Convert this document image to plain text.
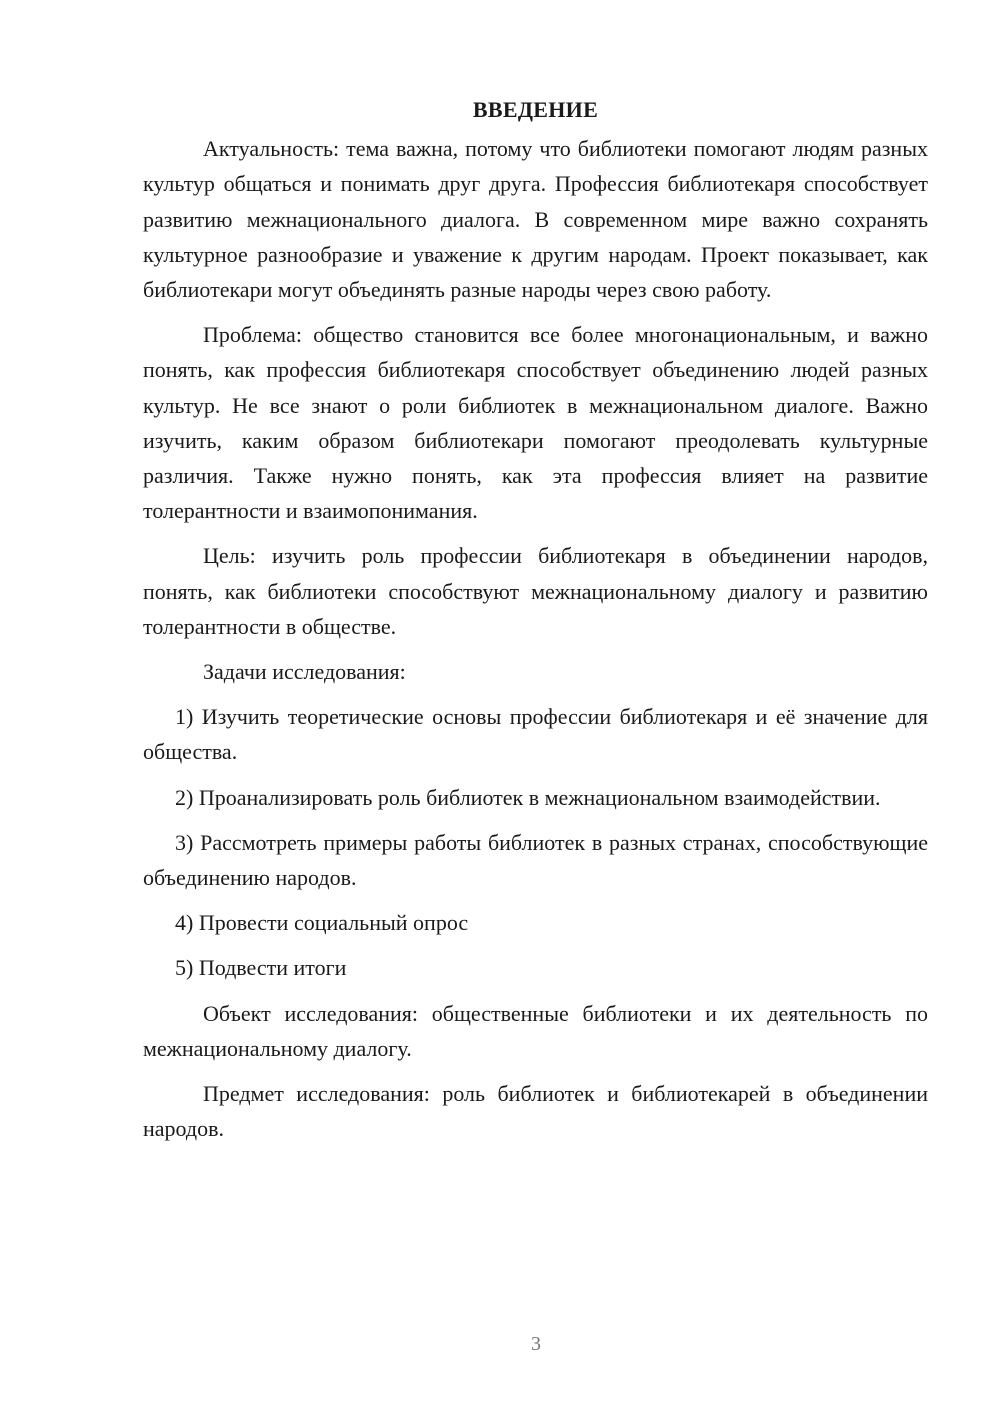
ВВЕДЕНИЕ

Актуальность: тема важна, потому что библиотеки помогают людям разных культур общаться и понимать друг друга. Профессия библиотекаря способствует развитию межнационального диалога. В современном мире важно сохранять культурное разнообразие и уважение к другим народам. Проект показывает, как библиотекари могут объединять разные народы через свою работу.

Проблема: общество становится все более многонациональным, и важно понять, как профессия библиотекаря способствует объединению людей разных культур. Не все знают о роли библиотек в межнациональном диалоге. Важно изучить, каким образом библиотекари помогают преодолевать культурные различия. Также нужно понять, как эта профессия влияет на развитие толерантности и взаимопонимания.

Цель: изучить роль профессии библиотекаря в объединении народов, понять, как библиотеки способствуют межнациональному диалогу и развитию толерантности в обществе.

Задачи исследования:

1) Изучить теоретические основы профессии библиотекаря и её значение для общества.

2) Проанализировать роль библиотек в межнациональном взаимодействии.

3) Рассмотреть примеры работы библиотек в разных странах, способствующие объединению народов.

4) Провести социальный опрос

5) Подвести итоги

Объект исследования: общественные библиотеки и их деятельность по межнациональному диалогу.

Предмет исследования: роль библиотек и библиотекарей в объединении народов.

3
